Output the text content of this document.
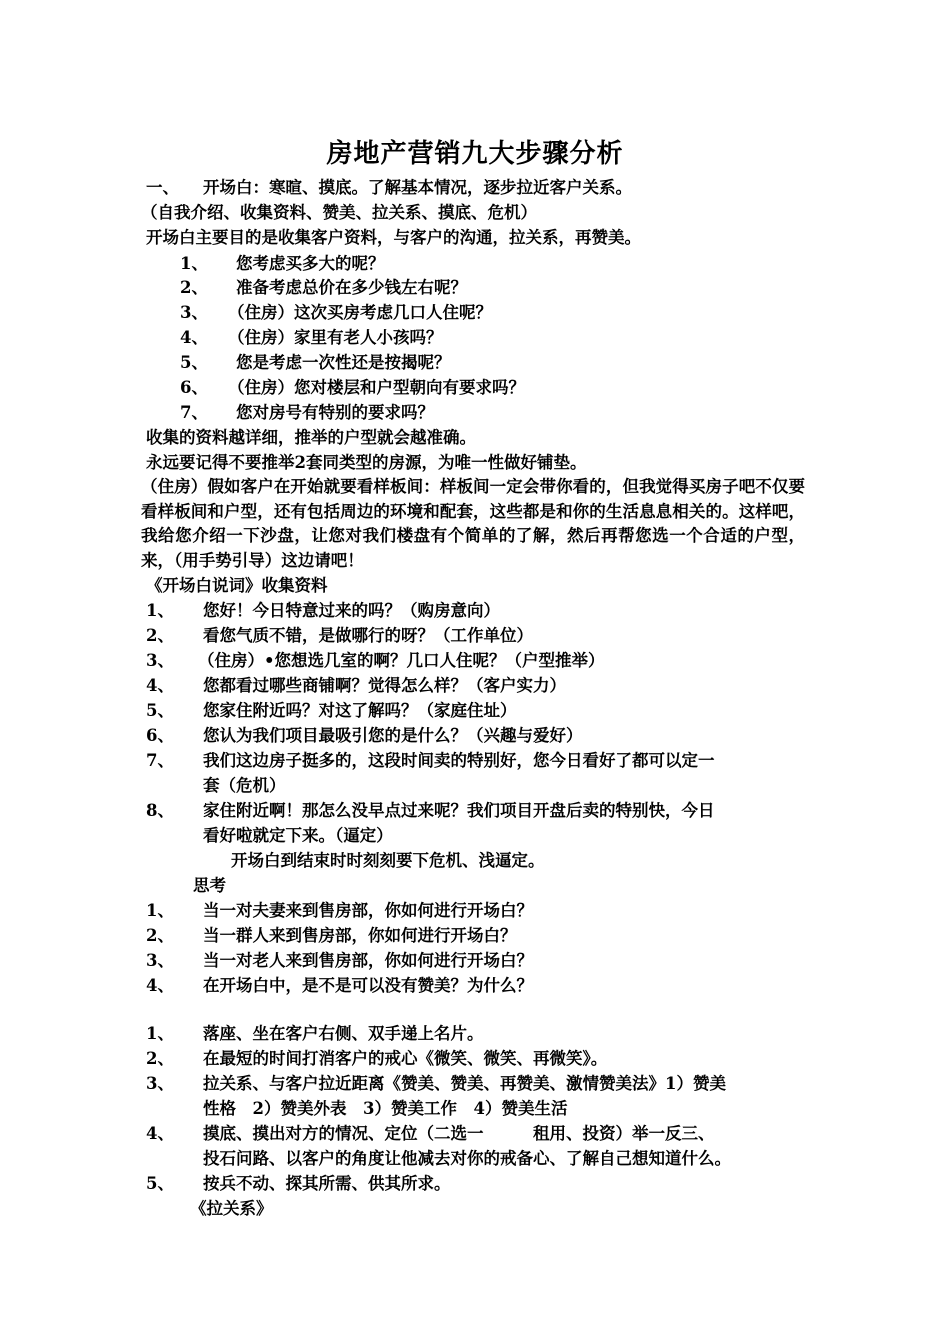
房地产营销九大步骤分析
一、 开场白：寒暄、摸底。了解基本情况，逐步拉近客户关系。
（自我介绍、收集资料、赞美、拉关系、摸底、危机）
开场白主要目的是收集客户资料，与客户的沟通，拉关系，再赞美。
1、 您考虑买多大的呢？
2、 准备考虑总价在多少钱左右呢？
3、 （住房）这次买房考虑几口人住呢？
4、 （住房）家里有老人小孩吗？
5、 您是考虑一次性还是按揭呢？
6、 （住房）您对楼层和户型朝向有要求吗？
7、 您对房号有特别的要求吗？
收集的资料越详细，推举的户型就会越准确。
永远要记得不要推举2套同类型的房源，为唯一性做好铺垫。
（住房）假如客户在开始就要看样板间：样板间一定会带你看的，但我觉得买房子吧不仅要看样板间和户型，还有包括周边的环境和配套，这些都是和你的生活息息相关的。这样吧，我给您介绍一下沙盘，让您对我们楼盘有个简单的了解，然后再帮您选一个合适的户型，来，（用手势引导）这边请吧！
《开场白说词》收集资料
1、 您好！今日特意过来的吗？（购房意向）
2、 看您气质不错，是做哪行的呀？（工作单位）
3、 （住房）•您想选几室的啊？几口人住呢？（户型推举）
4、 您都看过哪些商铺啊？觉得怎么样？（客户实力）
5、 您家住附近吗？对这了解吗？（家庭住址）
6、 您认为我们项目最吸引您的是什么？（兴趣与爱好）
7、 我们这边房子挺多的，这段时间卖的特别好，您今日看好了都可以定一
套（危机）
8、 家住附近啊！那怎么没早点过来呢？我们项目开盘后卖的特别快，今日
看好啦就定下来。（逼定）
开场白到结束时时刻刻要下危机、浅逼定。
思考
1、 当一对夫妻来到售房部，你如何进行开场白？
2、 当一群人来到售房部，你如何进行开场白？
3、 当一对老人来到售房部，你如何进行开场白？
4、 在开场白中，是不是可以没有赞美？为什么？
1、 落座、坐在客户右侧、双手递上名片。
2、 在最短的时间打消客户的戒心《微笑、微笑、再微笑》。
3、 拉关系、与客户拉近距离《赞美、赞美、再赞美、激情赞美法》1）赞美
性格　2）赞美外表　3）赞美工作　4）赞美生活
4、 摸底、摸出对方的情况、定位（二选一　　　租用、投资）举一反三、
投石问路、以客户的角度让他减去对你的戒备心、了解自己想知道什么。
5、 按兵不动、探其所需、供其所求。
《拉关系》
